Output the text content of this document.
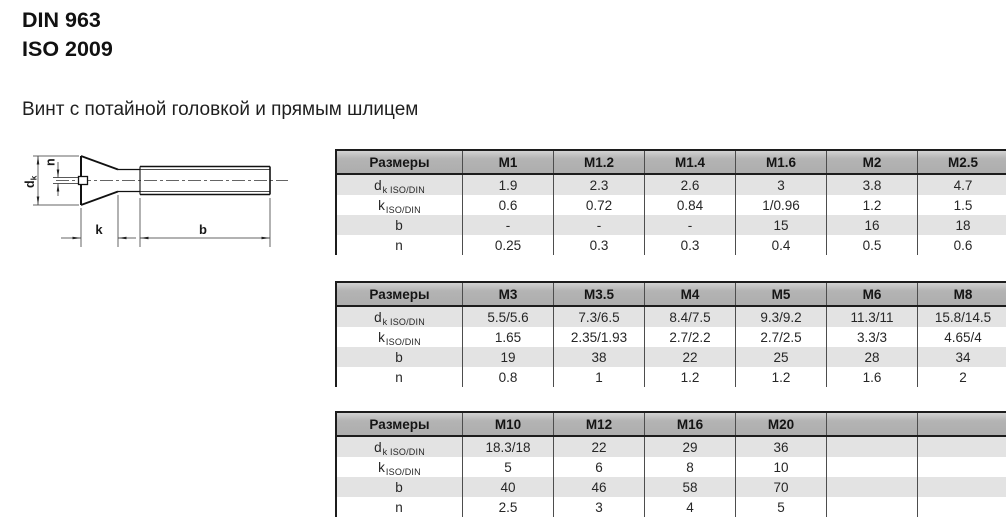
DIN 963
ISO 2009
Винт с потайной головкой и прямым шлицем
$d_k$
n
k	b
Размеры	M1	M1.2	M1.4	M1.6	M2	M2.5
$d_{k ISO/DIN}$	1.9	2.3	2.6	3	3.8	4.7
$k_{ISO/DIN}$	0.6	0.72	0.84	1/0.96	1.2	1.5
b	-	-	-	15	16	18
n	0.25	0.3	0.3	0.4	0.5	0.6
Размеры	M3	M3.5	M4	M5	M6	M8
$d_{k ISO/DIN}$	5.5/5.6	7.3/6.5	8.4/7.5	9.3/9.2	11.3/11	15.8/14.5
$k_{ISO/DIN}$	1.65	2.35/1.93	2.7/2.2	2.7/2.5	3.3/3	4.65/4
b	19	38	22	25	28	34
n	0.8	1	1.2	1.2	1.6	2
Размеры	M10	M12	M16	M20		
$d_{k ISO/DIN}$	18.3/18	22	29	36		
$k_{ISO/DIN}$	5	6	8	10		
b	40	46	58	70		
n	2.5	3	4	5		
